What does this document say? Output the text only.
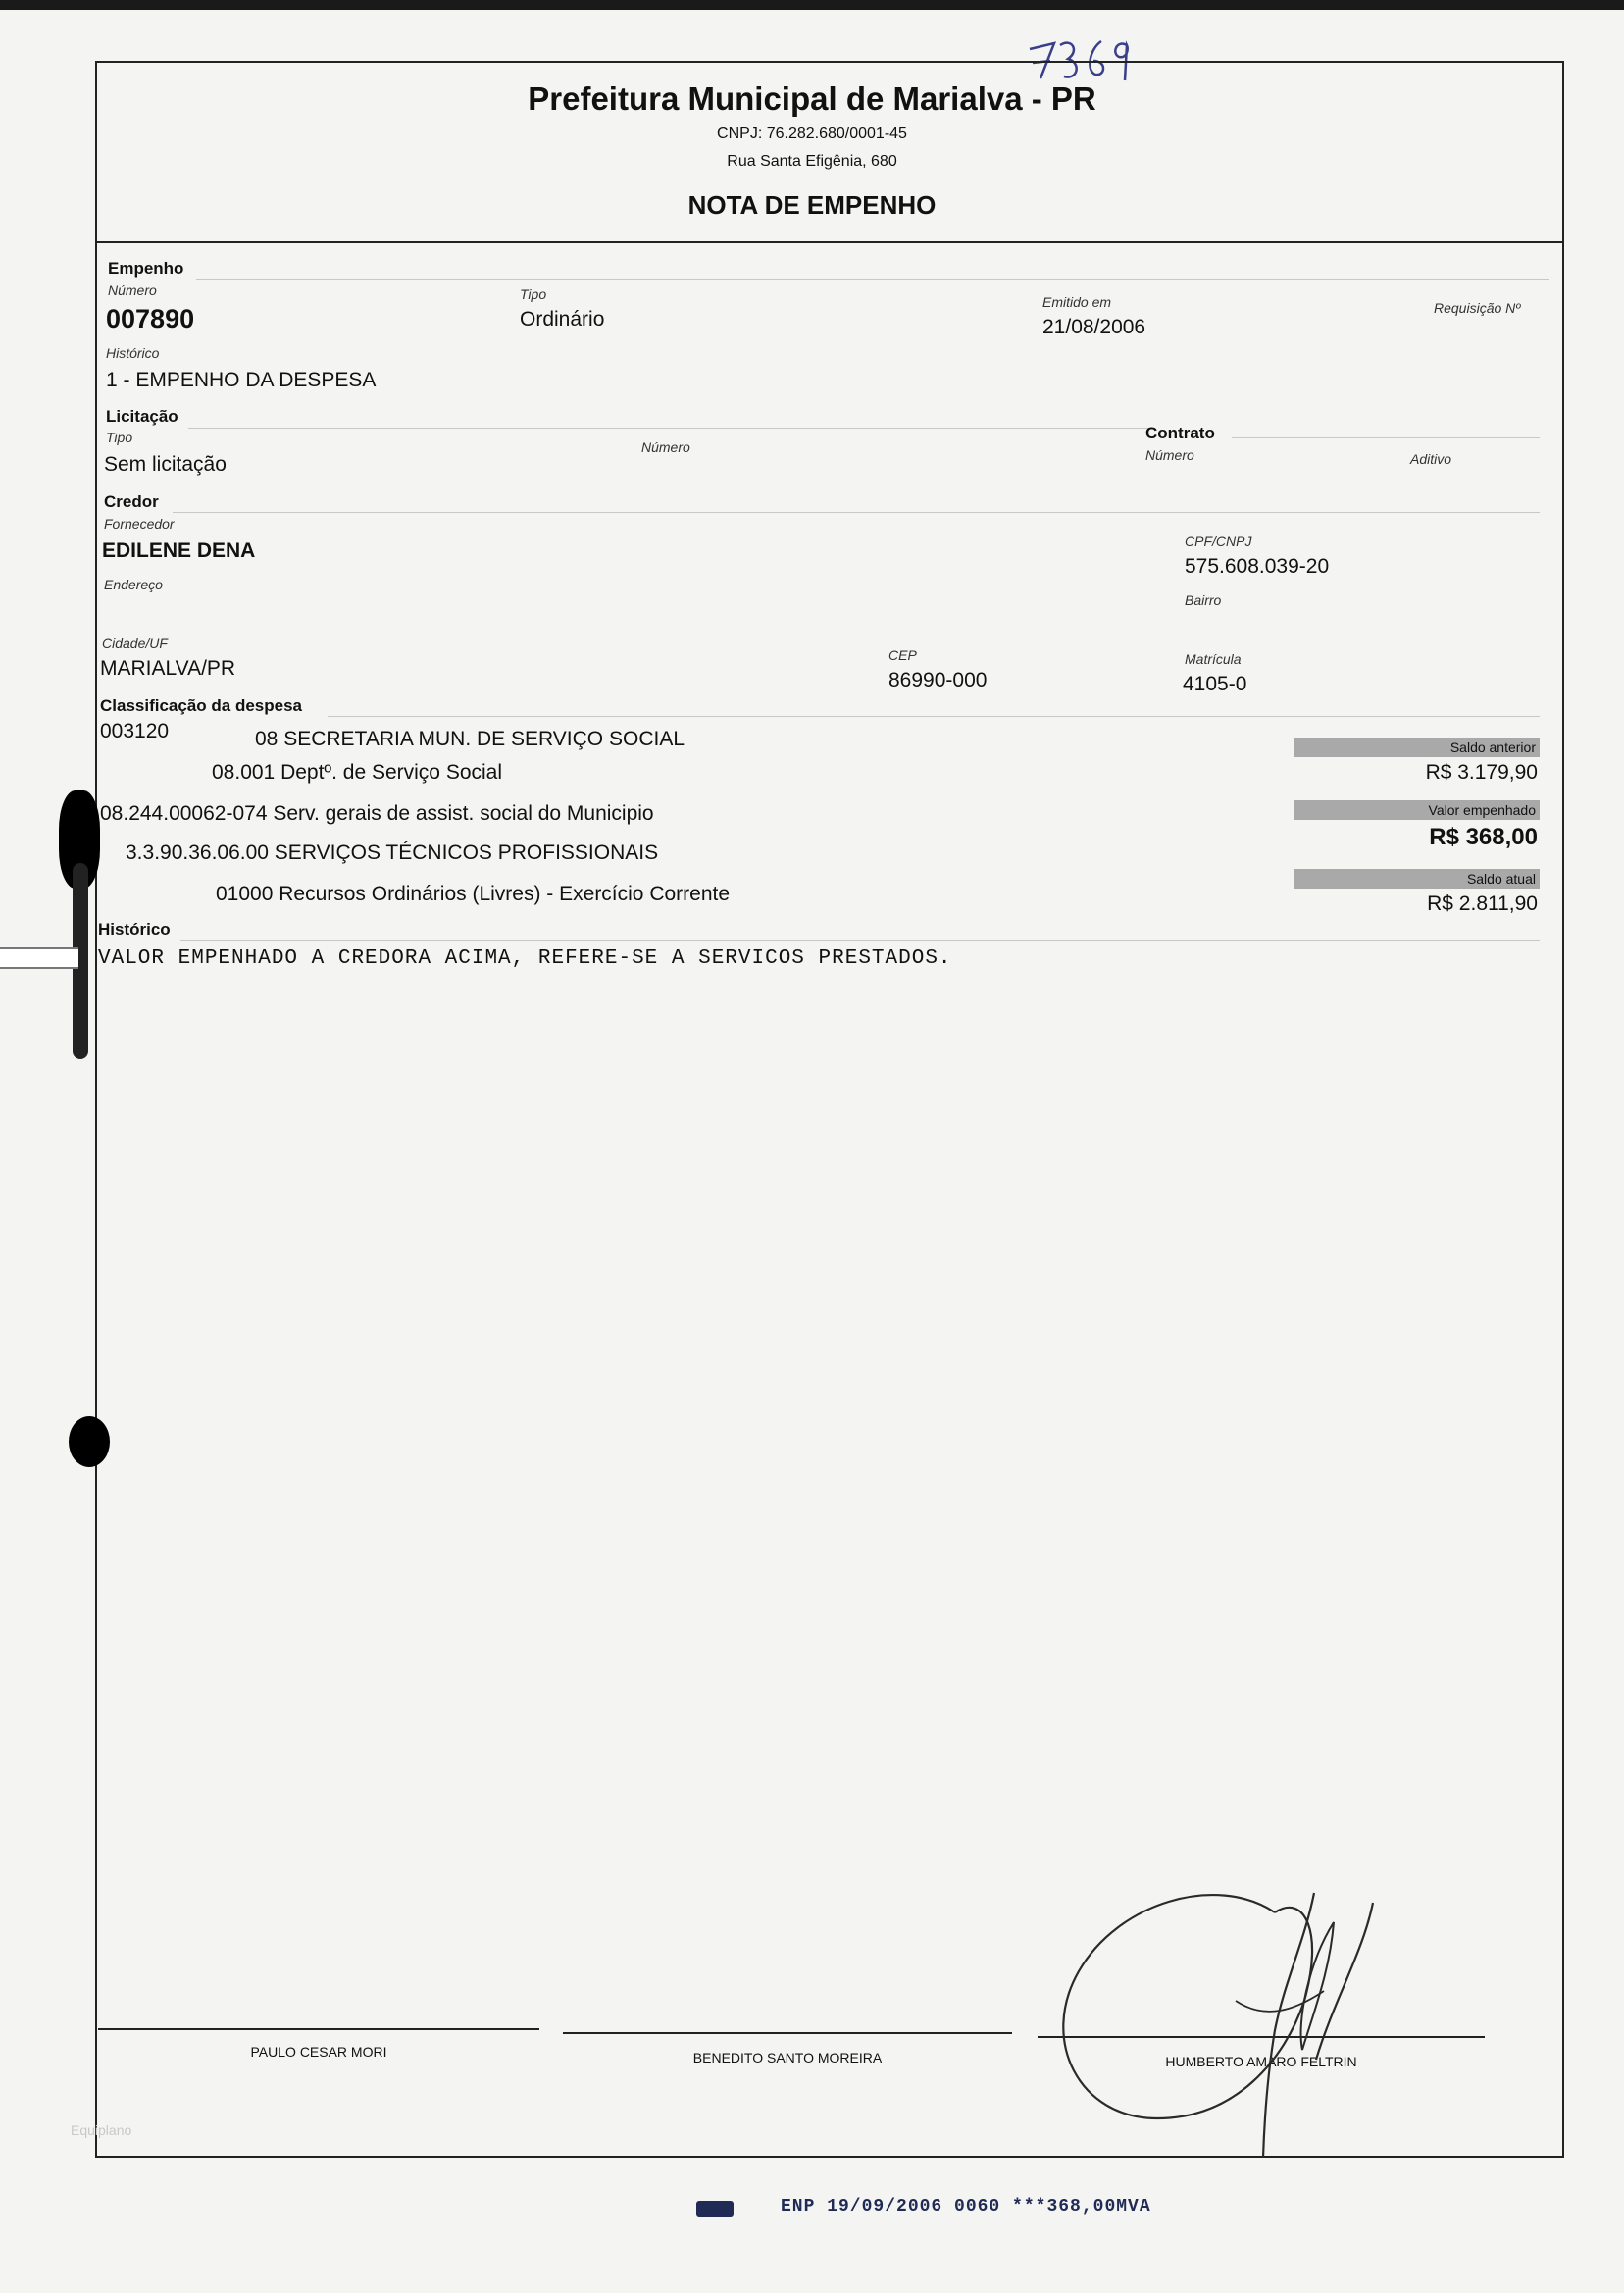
Prefeitura Municipal de Marialva - PR
CNPJ: 76.282.680/0001-45
Rua Santa Efigênia, 680
NOTA DE EMPENHO
Empenho
Número
007890
Tipo
Ordinário
Emitido em
21/08/2006
Requisição Nº
Histórico
1 - EMPENHO DA DESPESA
Licitação
Tipo
Sem licitação
Número
Contrato
Número	Aditivo
Credor
Fornecedor
EDILENE DENA	CPF/CNPJ
575.608.039-20
Endereço
Bairro
Cidade/UF
MARIALVA/PR
CEP
86990-000
Matrícula
4105-0
Classificação da despesa
003120	08 SECRETARIA MUN. DE SERVIÇO SOCIAL
08.001 Deptº. de Serviço Social
08.244.00062-074 Serv. gerais de assist. social do Municipio
3.3.90.36.06.00 SERVIÇOS TÉCNICOS PROFISSIONAIS
01000 Recursos Ordinários (Livres) - Exercício Corrente
Saldo anterior
R$ 3.179,90
Valor empenhado
R$ 368,00
Saldo atual
R$ 2.811,90
Histórico
VALOR EMPENHADO A CREDORA ACIMA, REFERE-SE A SERVICOS PRESTADOS.
PAULO CESAR MORI	BENEDITO SANTO MOREIRA	HUMBERTO AMARO FELTRIN
Equiplano
ENP 19/09/2006 0060 ***368,00MVA
